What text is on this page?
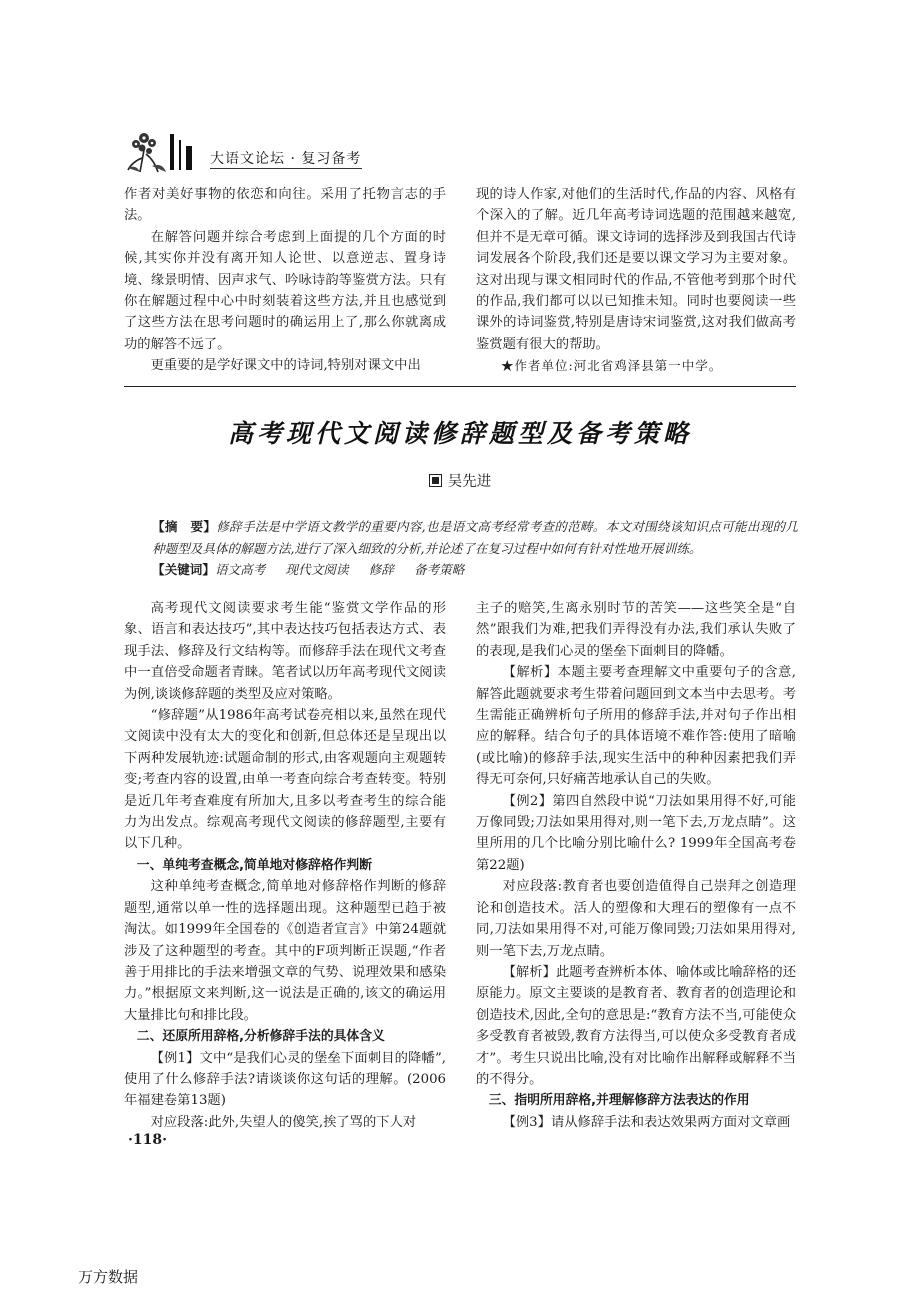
大语文论坛 · 复习备考

作者对美好事物的依恋和向往。采用了托物言志的手法。

在解答问题并综合考虑到上面提的几个方面的时候,其实你并没有离开知人论世、以意逆志、置身诗境、缘景明情、因声求气、吟咏诗韵等鉴赏方法。只有你在解题过程中心中时刻装着这些方法,并且也感觉到了这些方法在思考问题时的确运用上了,那么你就离成功的解答不远了。

更重要的是学好课文中的诗词,特别对课文中出

现的诗人作家,对他们的生活时代,作品的内容、风格有个深入的了解。近几年高考诗词选题的范围越来越宽,但并不是无章可循。课文诗词的选择涉及到我国古代诗词发展各个阶段,我们还是要以课文学习为主要对象。这对出现与课文相同时代的作品,不管他考到那个时代的作品,我们都可以以已知推未知。同时也要阅读一些课外的诗词鉴赏,特别是唐诗宋词鉴赏,这对我们做高考鉴赏题有很大的帮助。

★作者单位:河北省鸡泽县第一中学。

高考现代文阅读修辞题型及备考策略
吴先进

【摘　要】修辞手法是中学语文教学的重要内容,也是语文高考经常考查的范畴。本文对围绕该知识点可能出现的几种题型及具体的解题方法,进行了深入细致的分析,并论述了在复习过程中如何有针对性地开展训练。

【关键词】语文高考 现代文阅读 修辞 备考策略

高考现代文阅读要求考生能“鉴赏文学作品的形象、语言和表达技巧”,其中表达技巧包括表达方式、表现手法、修辞及行文结构等。而修辞手法在现代文考查中一直倍受命题者青睐。笔者试以历年高考现代文阅读为例,谈谈修辞题的类型及应对策略。

“修辞题”从1986年高考试卷亮相以来,虽然在现代文阅读中没有太大的变化和创新,但总体还是呈现出以下两种发展轨迹:试题命制的形式,由客观题向主观题转变;考查内容的设置,由单一考查向综合考查转变。特别是近几年考查难度有所加大,且多以考查考生的综合能力为出发点。综观高考现代文阅读的修辞题型,主要有以下几种。

一、单纯考查概念,简单地对修辞格作判断

这种单纯考查概念,简单地对修辞格作判断的修辞题型,通常以单一性的选择题出现。这种题型已趋于被淘汰。如1999年全国卷的《创造者宣言》中第24题就涉及了这种题型的考查。其中的F项判断正误题,“作者善于用排比的手法来增强文章的气势、说理效果和感染力。”根据原文来判断,这一说法是正确的,该文的确运用大量排比句和排比段。

二、还原所用辞格,分析修辞手法的具体含义

【例1】文中“是我们心灵的堡垒下面刺目的降幡”,使用了什么修辞手法?请谈谈你这句话的理解。(2006年福建卷第13题)

对应段落:此外,失望人的傻笑,挨了骂的下人对

主子的赔笑,生离永别时节的苦笑——这些笑全是“自然”跟我们为难,把我们弄得没有办法,我们承认失败了的表现,是我们心灵的堡垒下面刺目的降幡。

【解析】本题主要考查理解文中重要句子的含意,解答此题就要求考生带着问题回到文本当中去思考。考生需能正确辨析句子所用的修辞手法,并对句子作出相应的解释。结合句子的具体语境不难作答:使用了暗喻(或比喻)的修辞手法,现实生活中的种种因素把我们弄得无可奈何,只好痛苦地承认自己的失败。

【例2】第四自然段中说“刀法如果用得不好,可能万像同毁;刀法如果用得对,则一笔下去,万龙点睛”。这里所用的几个比喻分别比喻什么? 1999年全国高考卷第22题)

对应段落:教育者也要创造值得自己崇拜之创造理论和创造技术。活人的塑像和大理石的塑像有一点不同,刀法如果用得不对,可能万像同毁;刀法如果用得对,则一笔下去,万龙点睛。

【解析】此题考查辨析本体、喻体或比喻辞格的还原能力。原文主要谈的是教育者、教育者的创造理论和创造技术,因此,全句的意思是:“教育方法不当,可能使众多受教育者被毁,教育方法得当,可以使众多受教育者成才”。考生只说出比喻,没有对比喻作出解释或解释不当的不得分。

三、指明所用辞格,并理解修辞方法表达的作用

【例3】请从修辞手法和表达效果两方面对文章画

·118·
万方数据
